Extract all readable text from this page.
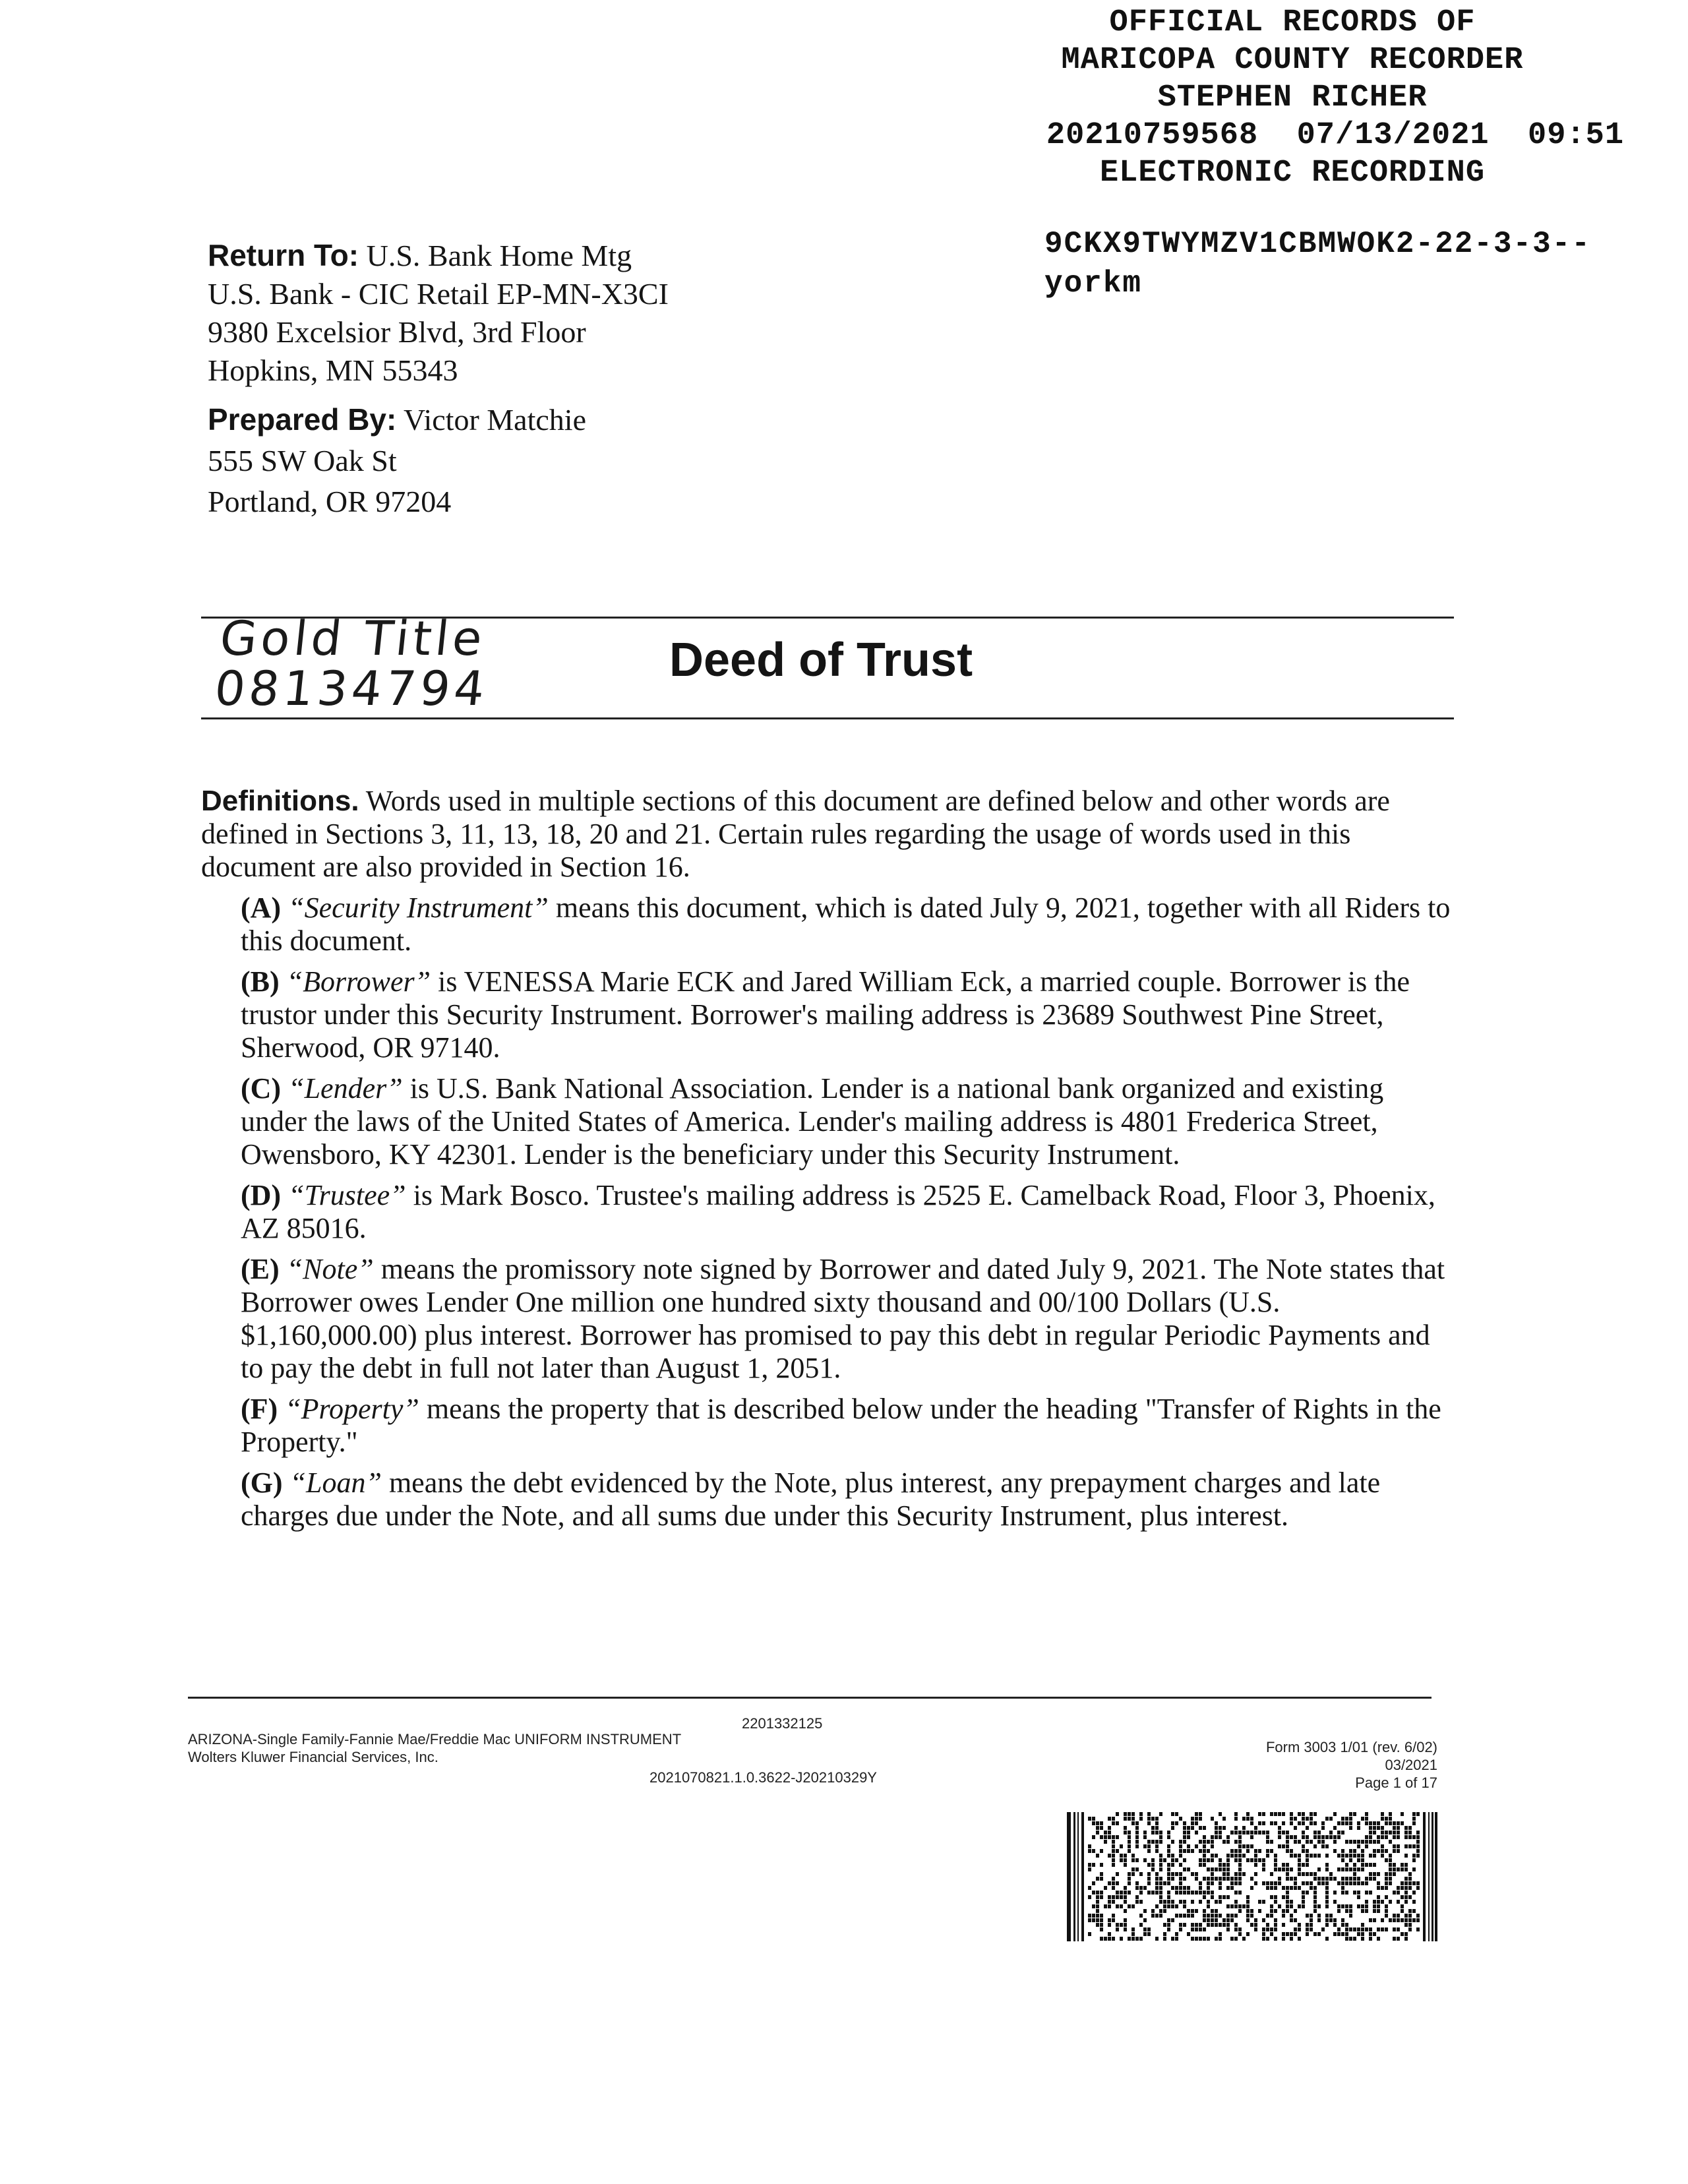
OFFICIAL RECORDS OF
MARICOPA COUNTY RECORDER
STEPHEN RICHER
20210759568  07/13/2021  09:51
ELECTRONIC RECORDING
9CKX9TWYMZV1CBMWOK2-22-3-3--
yorkm
Return To: U.S. Bank Home Mtg
U.S. Bank - CIC Retail EP-MN-X3CI
9380 Excelsior Blvd, 3rd Floor
Hopkins, MN 55343
Prepared By: Victor Matchie
555 SW Oak St
Portland, OR 97204
Gold Title
08134794
Deed of Trust
Definitions. Words used in multiple sections of this document are defined below and other words are defined in Sections 3, 11, 13, 18, 20 and 21. Certain rules regarding the usage of words used in this document are also provided in Section 16.
(A) “Security Instrument” means this document, which is dated July 9, 2021, together with all Riders to this document.
(B) “Borrower” is VENESSA Marie ECK and Jared William Eck, a married couple. Borrower is the trustor under this Security Instrument. Borrower's mailing address is 23689 Southwest Pine Street, Sherwood, OR 97140.
(C) “Lender” is U.S. Bank National Association. Lender is a national bank organized and existing under the laws of the United States of America. Lender's mailing address is 4801 Frederica Street, Owensboro, KY 42301. Lender is the beneficiary under this Security Instrument.
(D) “Trustee” is Mark Bosco. Trustee's mailing address is 2525 E. Camelback Road, Floor 3, Phoenix, AZ 85016.
(E) “Note” means the promissory note signed by Borrower and dated July 9, 2021. The Note states that Borrower owes Lender One million one hundred sixty thousand and 00/100 Dollars (U.S. $1,160,000.00) plus interest. Borrower has promised to pay this debt in regular Periodic Payments and to pay the debt in full not later than August 1, 2051.
(F) “Property” means the property that is described below under the heading "Transfer of Rights in the Property."
(G) “Loan” means the debt evidenced by the Note, plus interest, any prepayment charges and late charges due under the Note, and all sums due under this Security Instrument, plus interest.
2201332125
ARIZONA-Single Family-Fannie Mae/Freddie Mac UNIFORM INSTRUMENT
Wolters Kluwer Financial Services, Inc.
2021070821.1.0.3622-J20210329Y
Form 3003 1/01 (rev. 6/02)
03/2021
Page 1 of 17
